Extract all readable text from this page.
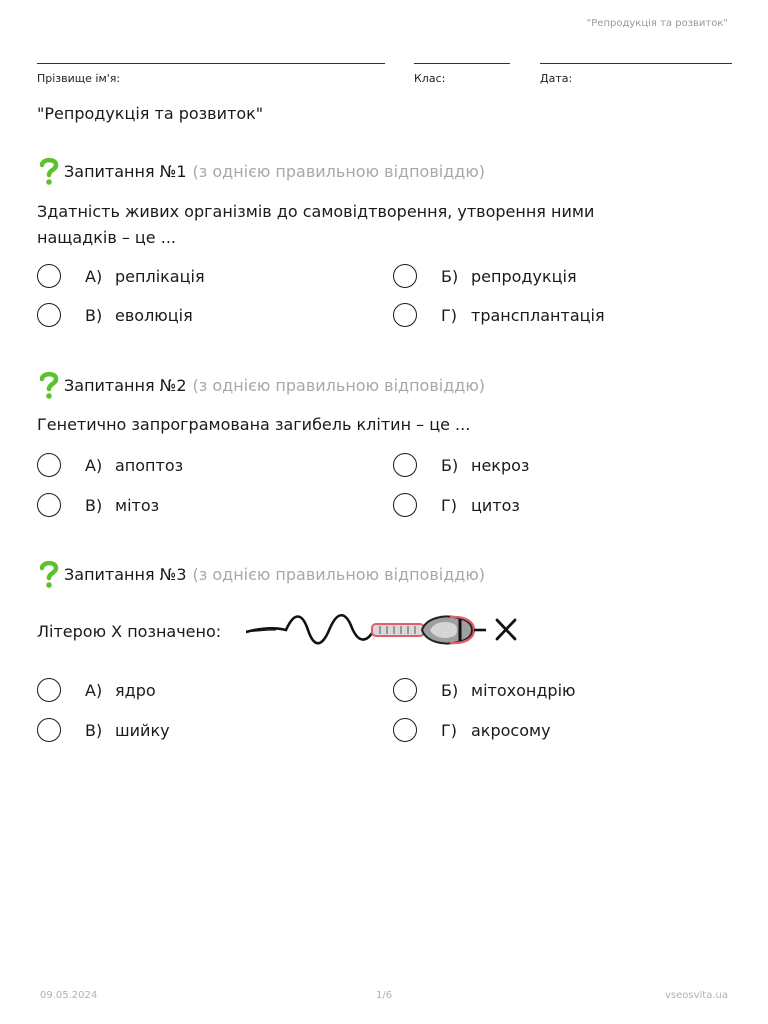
"Репродукція та розвиток"
Прізвище ім'я:	Клас:	Дата:
"Репродукція та розвиток"
Запитання №1 (з однією правильною відповіддю)
Здатність живих організмів до самовідтворення, утворення ними нащадків – це ...
А) реплікація	Б) репродукція
В) еволюція	Г) трансплантація
Запитання №2 (з однією правильною відповіддю)
Генетично запрограмована загибель клітин – це ...
А) апоптоз	Б) некроз
В) мітоз	Г) цитоз
Запитання №3 (з однією правильною відповіддю)
Літерою Х позначено:
А) ядро	Б) мітохондрію
В) шийку	Г) акросому
09.05.2024	1/6	vseosvita.ua
